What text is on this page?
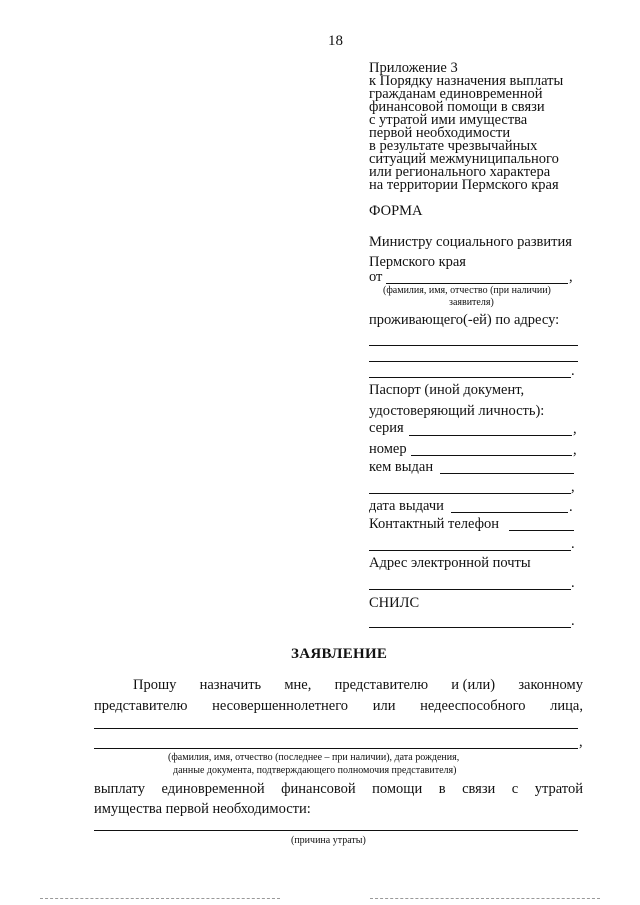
18
Приложение 3
к Порядку назначения выплаты
гражданам единовременной
финансовой помощи в связи
с утратой ими имущества
первой необходимости
в результате чрезвычайных
ситуаций межмуниципального
или регионального характера
на территории Пермского края
ФОРМА
Министру социального развития
Пермского края
от	,
(фамилия, имя, отчество (при наличии)
заявителя)
проживающего(-ей) по адресу:
.
Паспорт (иной документ,
удостоверяющий личность):
серия	,
номер	,
кем выдан
,
дата выдачи	.
Контактный телефон
.
Адрес электронной почты
.
СНИЛС
.
ЗАЯВЛЕНИЕ
Прошу назначить мне, представителю и (или) законному
представителю несовершеннолетнего или недееспособного лица,
,
(фамилия, имя, отчество (последнее – при наличии), дата рождения,
данные документа, подтверждающего полномочия представителя)
выплату единовременной финансовой помощи в связи с утратой
имущества первой необходимости:
(причина утраты)
